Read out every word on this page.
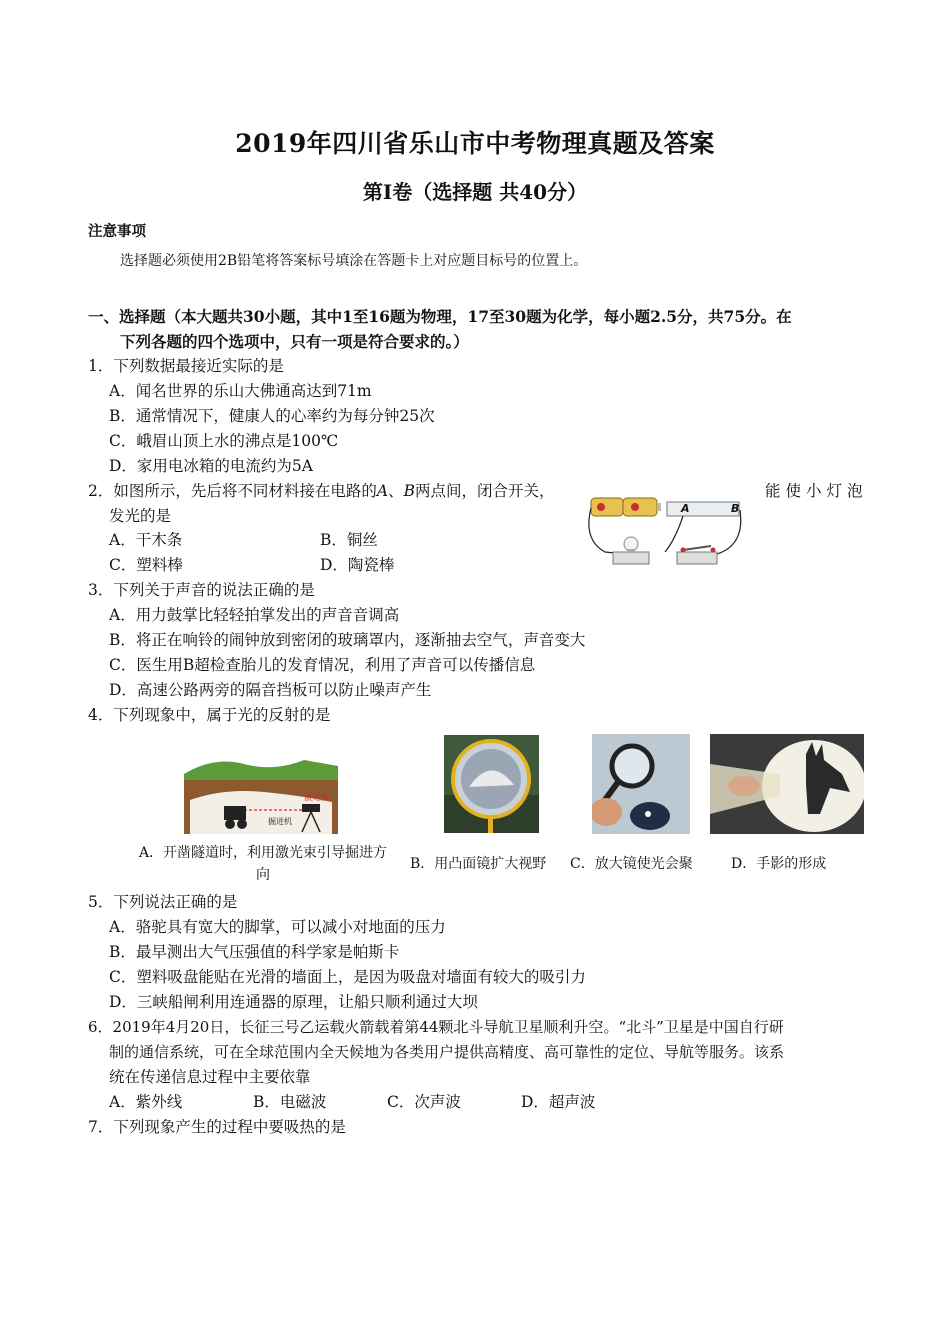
2019年四川省乐山市中考物理真题及答案
第Ⅰ卷（选择题 共40分）
注意事项
选择题必须使用2B铅笔将答案标号填涂在答题卡上对应题目标号的位置上。
一、选择题（本大题共30小题，其中1至16题为物理，17至30题为化学，每小题2.5分，共75分。在
下列各题的四个选项中，只有一项是符合要求的。）
1．下列数据最接近实际的是
A．闻名世界的乐山大佛通高达到71m
B．通常情况下，健康人的心率约为每分钟25次
C．峨眉山顶上水的沸点是100℃
D．家用电冰箱的电流约为5A
2．如图所示，先后将不同材料接在电路的A、B两点间，闭合开关，	能使小灯泡
发光的是
A．干木条	B．铜丝
C．塑料棒	D．陶瓷棒
A	B
3．下列关于声音的说法正确的是
A．用力鼓掌比轻轻拍掌发出的声音音调高
B．将正在响铃的闹钟放到密闭的玻璃罩内，逐渐抽去空气，声音变大
C．医生用B超检查胎儿的发育情况，利用了声音可以传播信息
D．高速公路两旁的隔音挡板可以防止噪声产生
4．下列现象中，属于光的反射的是
激光器
掘进机
A．开凿隧道时，利用激光束引导掘进方
向
B．用凸面镜扩大视野 C．放大镜使光会聚	D．手影的形成
5．下列说法正确的是
A．骆驼具有宽大的脚掌，可以减小对地面的压力
B．最早测出大气压强值的科学家是帕斯卡
C．塑料吸盘能贴在光滑的墙面上，是因为吸盘对墙面有较大的吸引力
D．三峡船闸利用连通器的原理，让船只顺利通过大坝
6．2019年4月20日，长征三号乙运载火箭载着第44颗北斗导航卫星顺利升空。“北斗”卫星是中国自行研
制的通信系统，可在全球范围内全天候地为各类用户提供高精度、高可靠性的定位、导航等服务。该系
统在传递信息过程中主要依靠
A．紫外线	B．电磁波	C．次声波	D．超声波
7．下列现象产生的过程中要吸热的是
